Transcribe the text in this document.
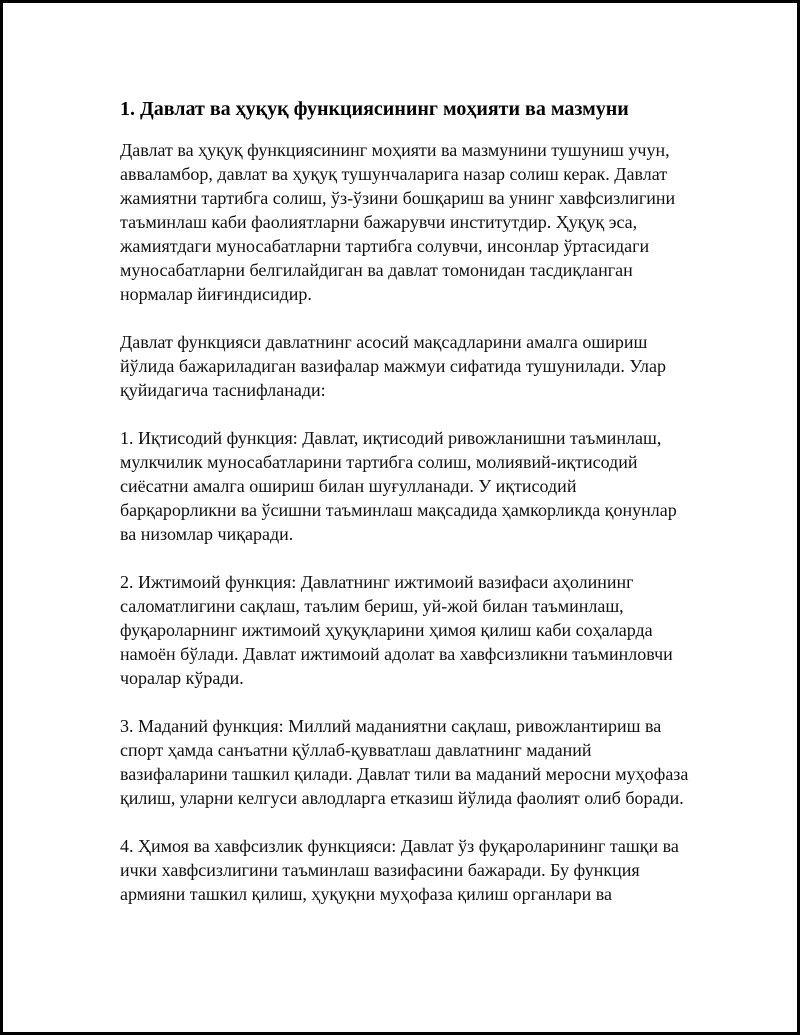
1. Давлат ва ҳуқуқ функциясининг моҳияти ва мазмуни

Давлат ва ҳуқуқ функциясининг моҳияти ва мазмунини тушуниш учун, авваламбор, давлат ва ҳуқуқ тушунчаларига назар солиш керак. Давлат жамиятни тартибга солиш, ўз-ўзини бошқариш ва унинг хавфсизлигини таъминлаш каби фаолиятларни бажарувчи институтдир. Ҳуқуқ эса, жамиятдаги муносабатларни тартибга солувчи, инсонлар ўртасидаги муносабатларни белгилайдиган ва давлат томонидан тасдиқланган нормалар йиғиндисидир.

Давлат функцияси давлатнинг асосий мақсадларини амалга ошириш йўлида бажариладиган вазифалар мажмуи сифатида тушунилади. Улар қуйидагича таснифланади:

1. Иқтисодий функция: Давлат, иқтисодий ривожланишни таъминлаш, мулкчилик муносабатларини тартибга солиш, молиявий-иқтисодий сиёсатни амалга ошириш билан шуғулланади. У иқтисодий барқарорликни ва ўсишни таъминлаш мақсадида ҳамкорликда қонунлар ва низомлар чиқаради.

2. Ижтимоий функция: Давлатнинг ижтимоий вазифаси аҳолининг саломатлигини сақлаш, таълим бериш, уй-жой билан таъминлаш, фуқароларнинг ижтимоий ҳуқуқларини ҳимоя қилиш каби соҳаларда намоён бўлади. Давлат ижтимоий адолат ва хавфсизликни таъминловчи чоралар кўради.

3. Маданий функция: Миллий маданиятни сақлаш, ривожлантириш ва спорт ҳамда санъатни қўллаб-қувватлаш давлатнинг маданий вазифаларини ташкил қилади. Давлат тили ва маданий меросни муҳофаза қилиш, уларни келгуси авлодларга етказиш йўлида фаолият олиб боради.

4. Ҳимоя ва хавфсизлик функцияси: Давлат ўз фуқароларининг ташқи ва ички хавфсизлигини таъминлаш вазифасини бажаради. Бу функция армияни ташкил қилиш, ҳуқуқни муҳофаза қилиш органлари ва
